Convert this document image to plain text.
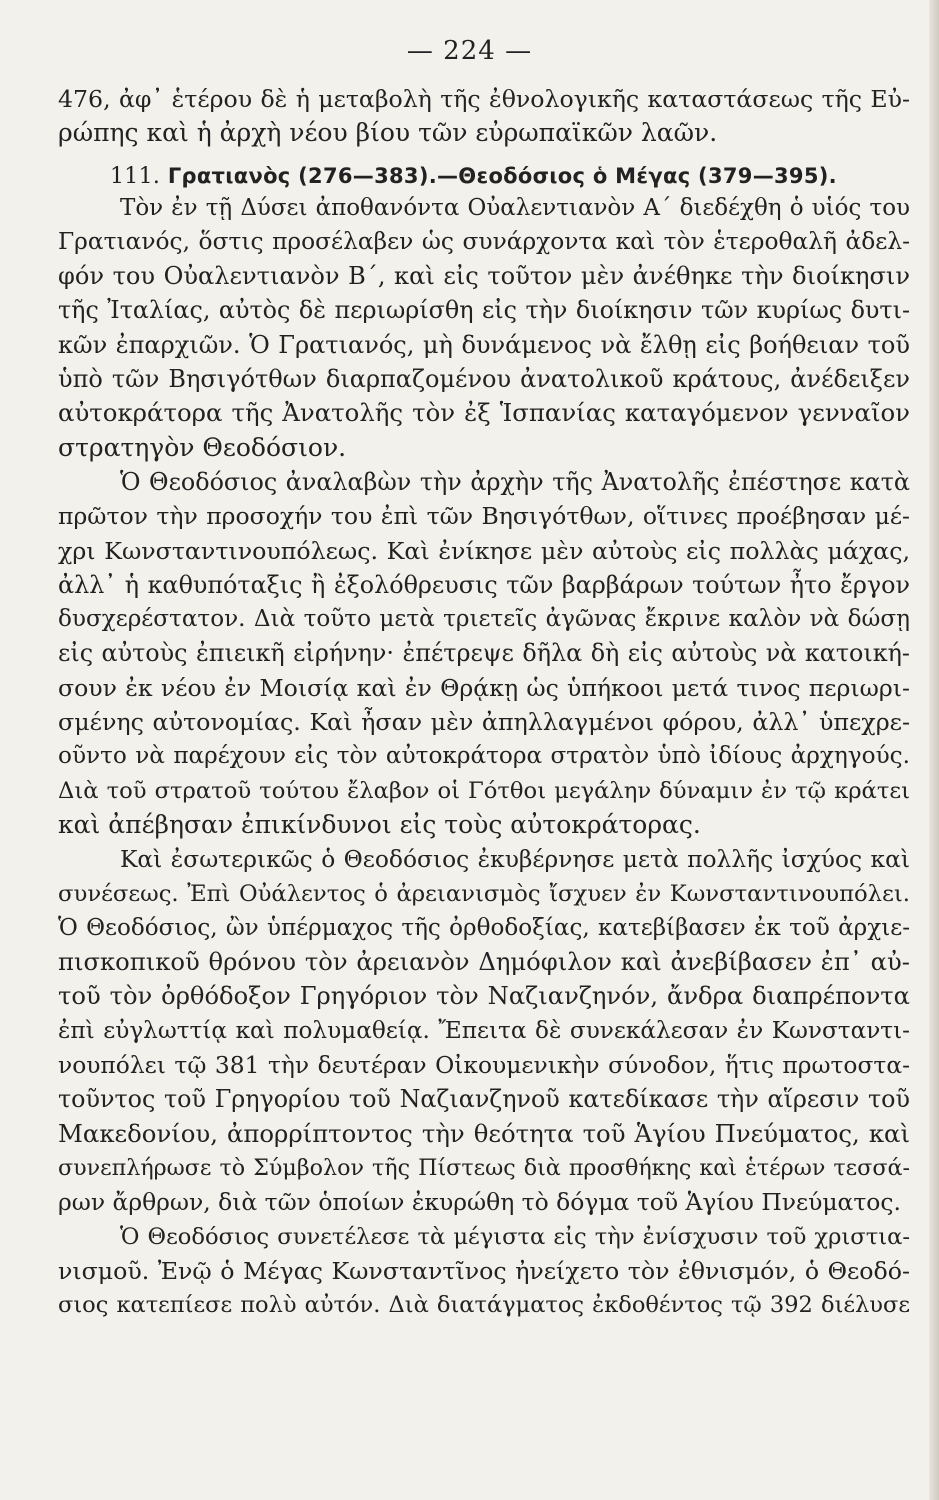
— 224 —
476, ἀφ᾽ ἑτέρου δὲ ἡ μεταβολὴ τῆς ἐθνολογικῆς καταστάσεως τῆς Εὐ-
ρώπης καὶ ἡ ἀρχὴ νέου βίου τῶν εὐρωπαϊκῶν λαῶν.
111. Γρατιανὸς (276—383).—Θεοδόσιος ὁ Μέγας (379—395).
Τὸν ἐν τῇ Δύσει ἀποθανόντα Οὐαλεντιανὸν Α΄ διεδέχθη ὁ υἱός του
Γρατιανός, ὅστις προσέλαβεν ὡς συνάρχοντα καὶ τὸν ἑτεροθαλῆ ἀδελ-
φόν του Οὐαλεντιανὸν Β΄, καὶ εἰς τοῦτον μὲν ἀνέθηκε τὴν διοίκησιν
τῆς Ἰταλίας, αὐτὸς δὲ περιωρίσθη εἰς τὴν διοίκησιν τῶν κυρίως δυτι-
κῶν ἐπαρχιῶν. Ὁ Γρατιανός, μὴ δυνάμενος νὰ ἔλθῃ εἰς βοήθειαν τοῦ
ὑπὸ τῶν Βησιγότθων διαρπαζομένου ἀνατολικοῦ κράτους, ἀνέδειξεν
αὐτοκράτορα τῆς Ἀνατολῆς τὸν ἐξ Ἱσπανίας καταγόμενον γενναῖον
στρατηγὸν Θεοδόσιον.
Ὁ Θεοδόσιος ἀναλαβὼν τὴν ἀρχὴν τῆς Ἀνατολῆς ἐπέστησε κατὰ
πρῶτον τὴν προσοχήν του ἐπὶ τῶν Βησιγότθων, οἵτινες προέβησαν μέ-
χρι Κωνσταντινουπόλεως. Καὶ ἐνίκησε μὲν αὐτοὺς εἰς πολλὰς μάχας,
ἀλλ᾽ ἡ καθυπόταξις ἢ ἐξολόθρευσις τῶν βαρβάρων τούτων ἦτο ἔργον
δυσχερέστατον. Διὰ τοῦτο μετὰ τριετεῖς ἀγῶνας ἔκρινε καλὸν νὰ δώσῃ
εἰς αὐτοὺς ἐπιεικῆ εἰρήνην· ἐπέτρεψε δῆλα δὴ εἰς αὐτοὺς νὰ κατοική-
σουν ἐκ νέου ἐν Μοισίᾳ καὶ ἐν Θρᾴκῃ ὡς ὑπήκοοι μετά τινος περιωρι-
σμένης αὐτονομίας. Καὶ ἦσαν μὲν ἀπηλλαγμένοι φόρου, ἀλλ᾽ ὑπεχρε-
οῦντο νὰ παρέχουν εἰς τὸν αὐτοκράτορα στρατὸν ὑπὸ ἰδίους ἀρχηγούς.
Διὰ τοῦ στρατοῦ τούτου ἔλαβον οἱ Γότθοι μεγάλην δύναμιν ἐν τῷ κράτει
καὶ ἀπέβησαν ἐπικίνδυνοι εἰς τοὺς αὐτοκράτορας.
Καὶ ἐσωτερικῶς ὁ Θεοδόσιος ἐκυβέρνησε μετὰ πολλῆς ἰσχύος καὶ
συνέσεως. Ἐπὶ Οὐάλεντος ὁ ἀρειανισμὸς ἴσχυεν ἐν Κωνσταντινουπόλει.
Ὁ Θεοδόσιος, ὢν ὑπέρμαχος τῆς ὀρθοδοξίας, κατεβίβασεν ἐκ τοῦ ἀρχιε-
πισκοπικοῦ θρόνου τὸν ἀρειανὸν Δημόφιλον καὶ ἀνεβίβασεν ἐπ᾽ αὐ-
τοῦ τὸν ὀρθόδοξον Γρηγόριον τὸν Ναζιανζηνόν, ἄνδρα διαπρέποντα
ἐπὶ εὐγλωττίᾳ καὶ πολυμαθείᾳ. Ἔπειτα δὲ συνεκάλεσαν ἐν Κωνσταντι-
νουπόλει τῷ 381 τὴν δευτέραν Οἰκουμενικὴν σύνοδον, ἥτις πρωτοστα-
τοῦντος τοῦ Γρηγορίου τοῦ Ναζιανζηνοῦ κατεδίκασε τὴν αἵρεσιν τοῦ
Μακεδονίου, ἀπορρίπτοντος τὴν θεότητα τοῦ Ἁγίου Πνεύματος, καὶ
συνεπλήρωσε τὸ Σύμβολον τῆς Πίστεως διὰ προσθήκης καὶ ἑτέρων τεσσά-
ρων ἄρθρων, διὰ τῶν ὁποίων ἐκυρώθη τὸ δόγμα τοῦ Ἁγίου Πνεύματος.
Ὁ Θεοδόσιος συνετέλεσε τὰ μέγιστα εἰς τὴν ἐνίσχυσιν τοῦ χριστια-
νισμοῦ. Ἐνῷ ὁ Μέγας Κωνσταντῖνος ἠνείχετο τὸν ἐθνισμόν, ὁ Θεοδό-
σιος κατεπίεσε πολὺ αὐτόν. Διὰ διατάγματος ἐκδοθέντος τῷ 392 διέλυσε
